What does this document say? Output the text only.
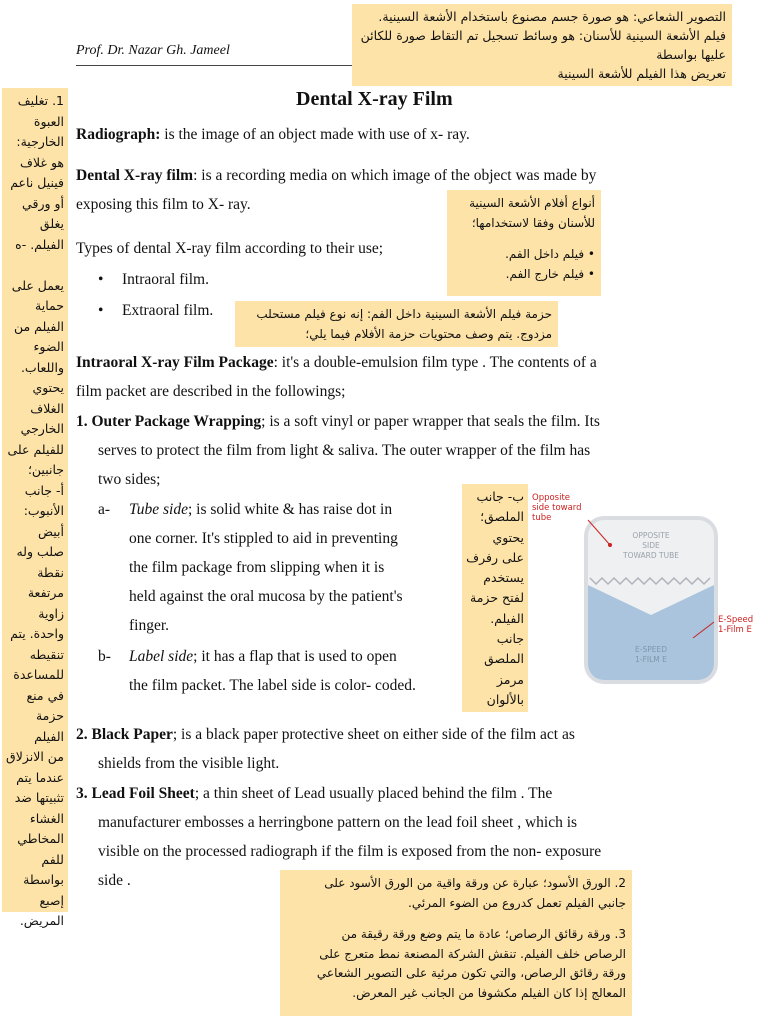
Prof. Dr. Nazar Gh. Jameel
التصوير الشعاعي: هو صورة جسم مصنوع باستخدام الأشعة السينية.
فيلم الأشعة السينية للأسنان: هو وسائط تسجيل تم التقاط صورة للكائن
عليها بواسطة
تعريض هذا الفيلم للأشعة السينية
Dental X-ray Film
Radiograph: is the image of an object made with use of x- ray.
Dental X-ray film: is a recording media on which image of the object was made by
exposing this film to X- ray.
Types of dental X-ray film according to their use;
• Intraoral film.
• Extraoral film.
Intraoral X-ray Film Package: it's a double-emulsion film type . The contents of a
film packet are described in the followings;
1. Outer Package Wrapping; is a soft vinyl or paper wrapper that seals the film. Its
serves to protect the film from light & saliva. The outer wrapper of the film has
two sides;
a- Tube side; is solid white & has raise dot in
one corner. It's stippled to aid in preventing
the film package from slipping when it is
held against the oral mucosa by the patient's
finger.
b- Label side; it has a flap that is used to open
the film packet. The label side is color- coded.
2. Black Paper; is a black paper protective sheet on either side of the film act as
shields from the visible light.
3. Lead Foil Sheet; a thin sheet of Lead usually placed behind the film . The
manufacturer embosses a herringbone pattern on the lead foil sheet , which is
visible on the processed radiograph if the film is exposed from the non- exposure
side .
OPPOSITE
SIDE
TOWARD TUBE
E-SPEED
1-FILM E
Opposite
side toward
tube
E-Speed
1-Film E
1. تغليف
العبوة
الخارجية:
هو غلاف
فينيل ناعم
أو ورقي
يغلق
الفيلم. -ه
يعمل على
حماية
الفيلم من
الضوء
واللعاب.
يحتوي
الغلاف
الخارجي
للفيلم على
جانبين؛
أ- جانب
الأنبوب:
أبيض
صلب وله
نقطة
مرتفعة
زاوية
واحدة. يتم
تنقيطه
للمساعدة
في منع
حزمة الفيلم
من الانزلاق
عندما يتم
تثبيتها ضد
الغشاء
المخاطي
للفم
بواسطة
إصبع
المريض.
أنواع أفلام الأشعة السينية
للأسنان وفقا لاستخدامها؛
• فيلم داخل الفم.
• فيلم خارج الفم.
حزمة فيلم الأشعة السينية داخل الفم: إنه نوع فيلم مستحلب
مزدوج. يتم وصف محتويات حزمة الأفلام فيما يلي؛
ب- جانب
الملصق؛
يحتوي
على رفرف
يستخدم
لفتح حزمة
الفيلم.
جانب
الملصق
مرمز
بالألوان
2. الورق الأسود؛ عبارة عن ورقة واقية من الورق الأسود على
جانبي الفيلم تعمل كدروع من الضوء المرئي.
3. ورقة رقائق الرصاص؛ عادة ما يتم وضع ورقة رقيقة من
الرصاص خلف الفيلم. تنقش الشركة المصنعة نمط متعرج على
ورقة رقائق الرصاص، والتي تكون مرئية على التصوير الشعاعي
المعالج إذا كان الفيلم مكشوفا من الجانب غير المعرض.
